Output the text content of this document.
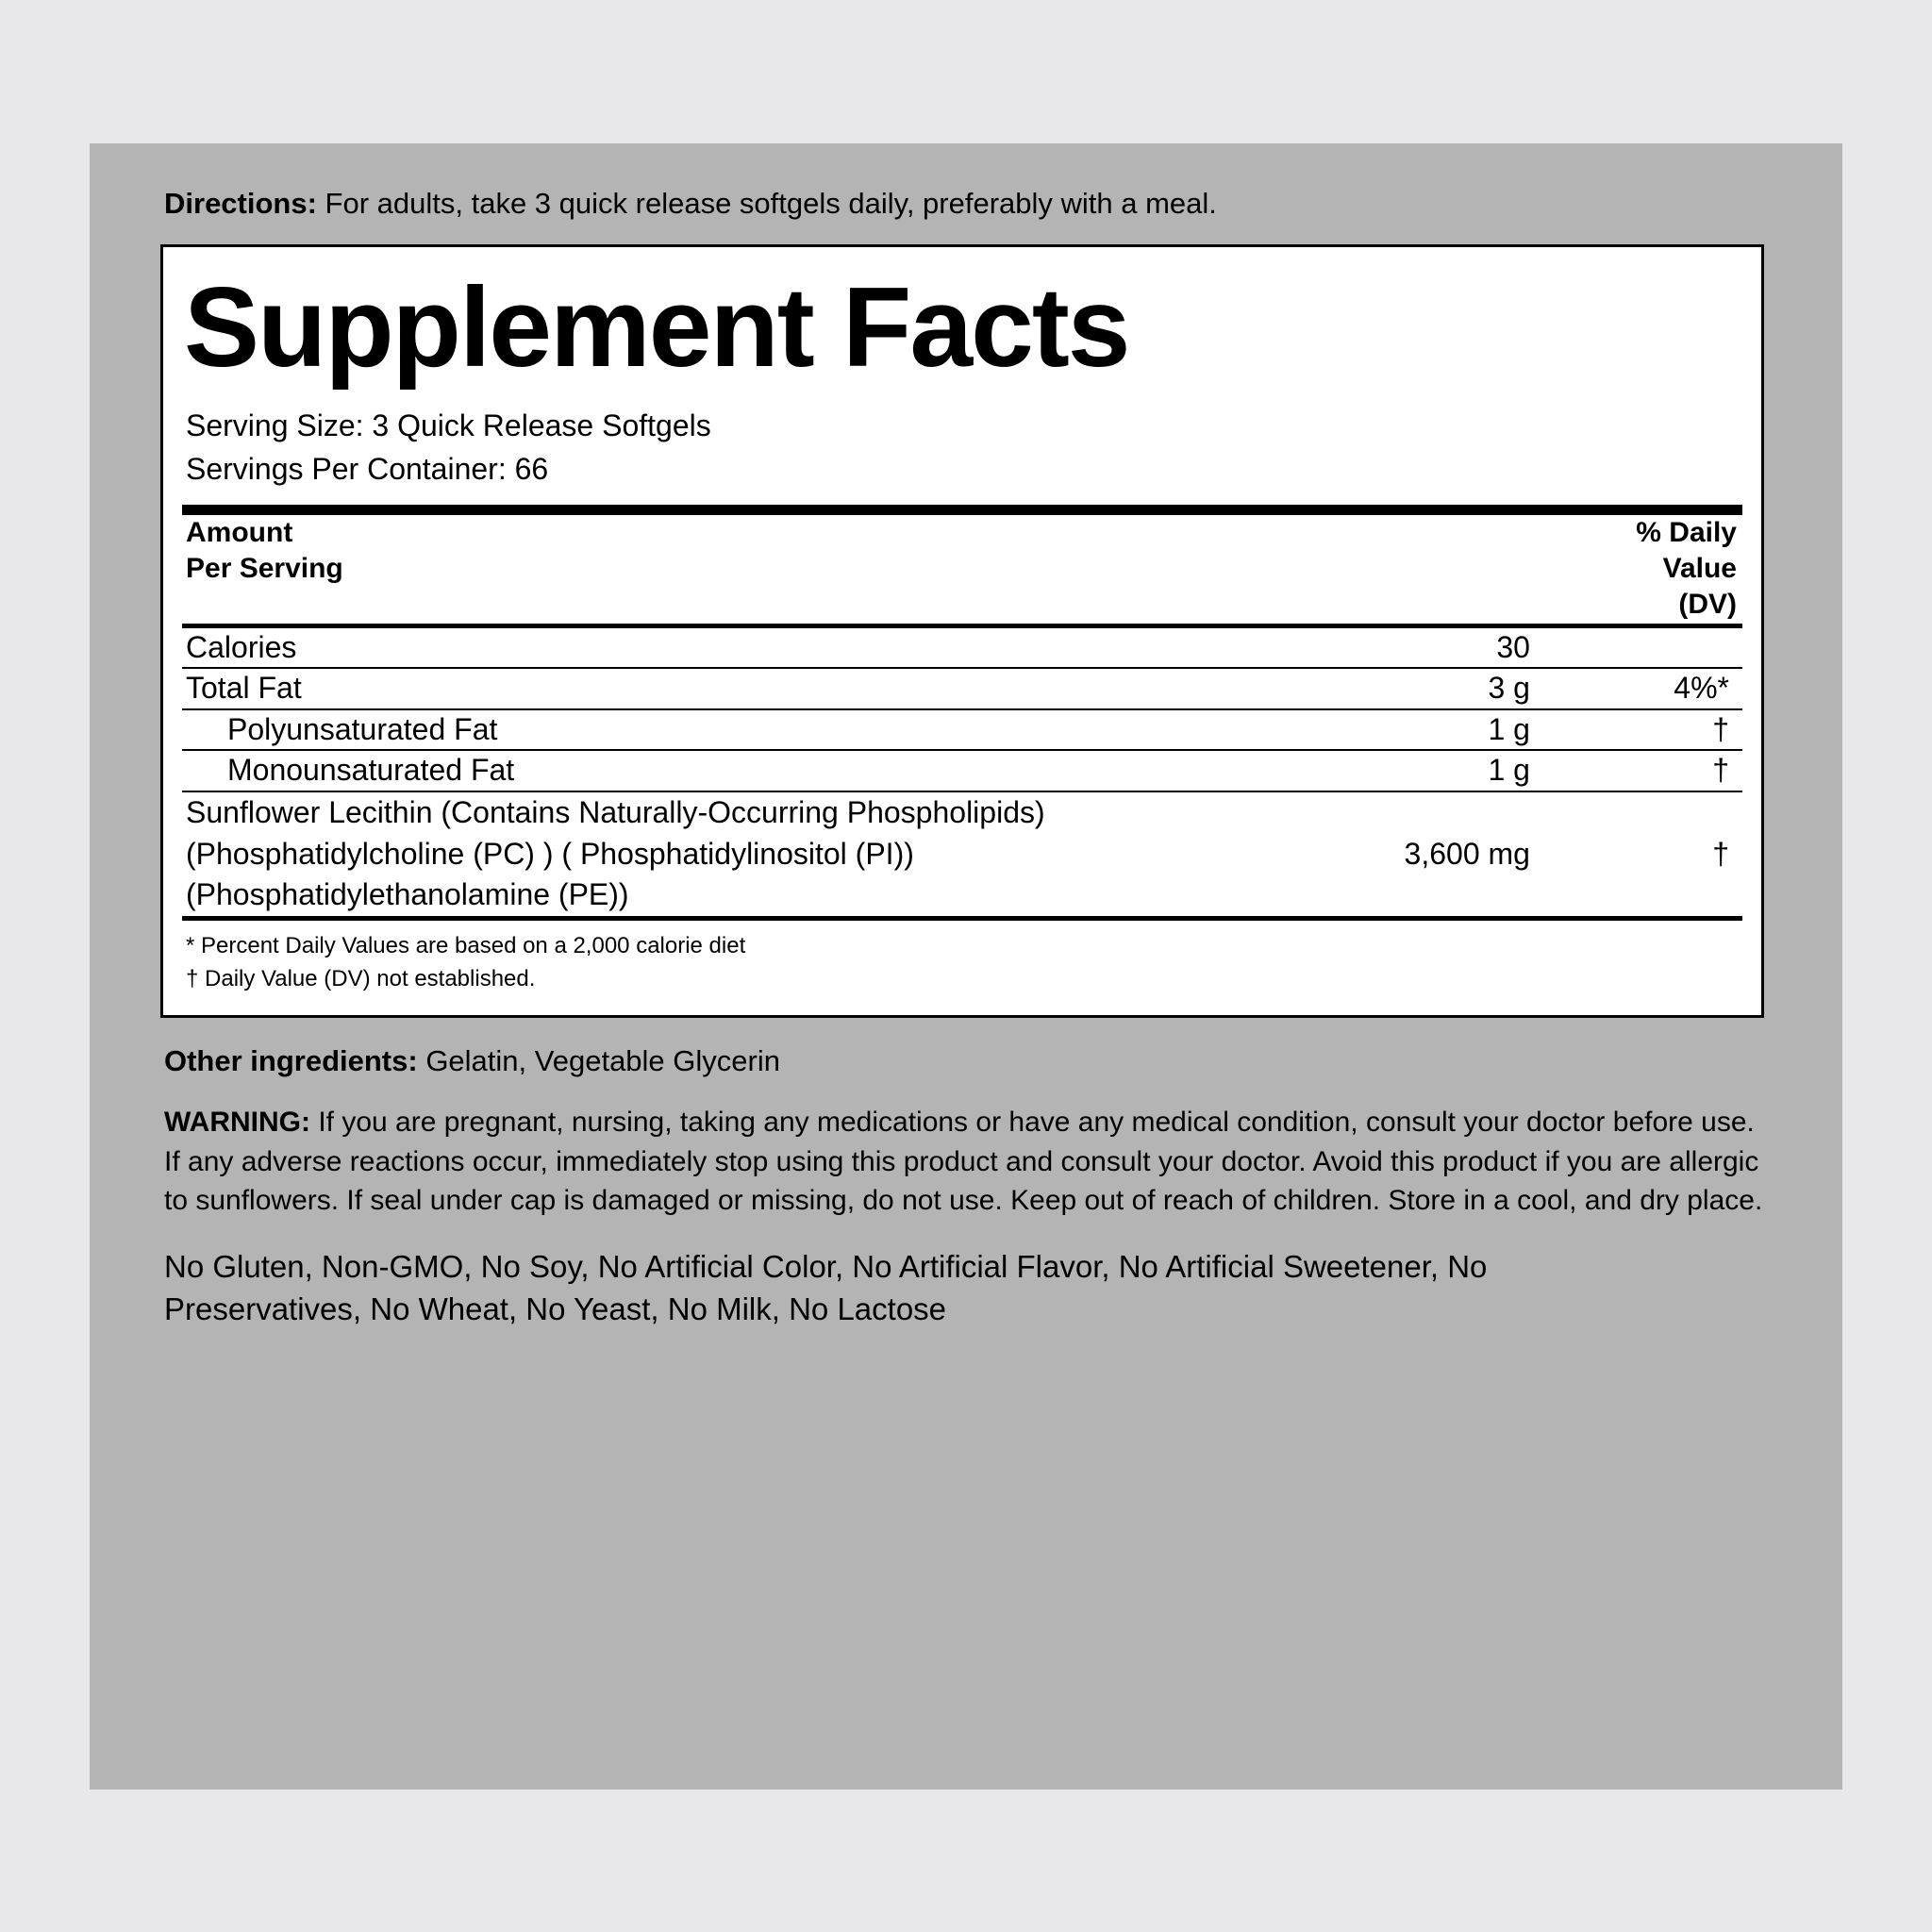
Directions: For adults, take 3 quick release softgels daily, preferably with a meal.
Supplement Facts
Serving Size: 3 Quick Release Softgels
Servings Per Container: 66
Amount
Per Serving

% Daily
Value
(DV)
Calories	30	

Total Fat	3 g	4%*

Polyunsaturated Fat	1 g	†

Monounsaturated Fat	1 g	†

Sunflower Lecithin (Contains Naturally-Occurring Phospholipids)
(Phosphatidylcholine (PC) ) ( Phosphatidylinositol (PI))
(Phosphatidylethanolamine (PE))	3,600 mg	†
* Percent Daily Values are based on a 2,000 calorie diet
† Daily Value (DV) not established.
Other ingredients: Gelatin, Vegetable Glycerin
WARNING: If you are pregnant, nursing, taking any medications or have any medical condition, consult your doctor before use. If any adverse reactions occur, immediately stop using this product and consult your doctor. Avoid this product if you are allergic to sunflowers. If seal under cap is damaged or missing, do not use. Keep out of reach of children. Store in a cool, and dry place.
No Gluten, Non-GMO, No Soy, No Artificial Color, No Artificial Flavor, No Artificial Sweetener, No Preservatives, No Wheat, No Yeast, No Milk, No Lactose
